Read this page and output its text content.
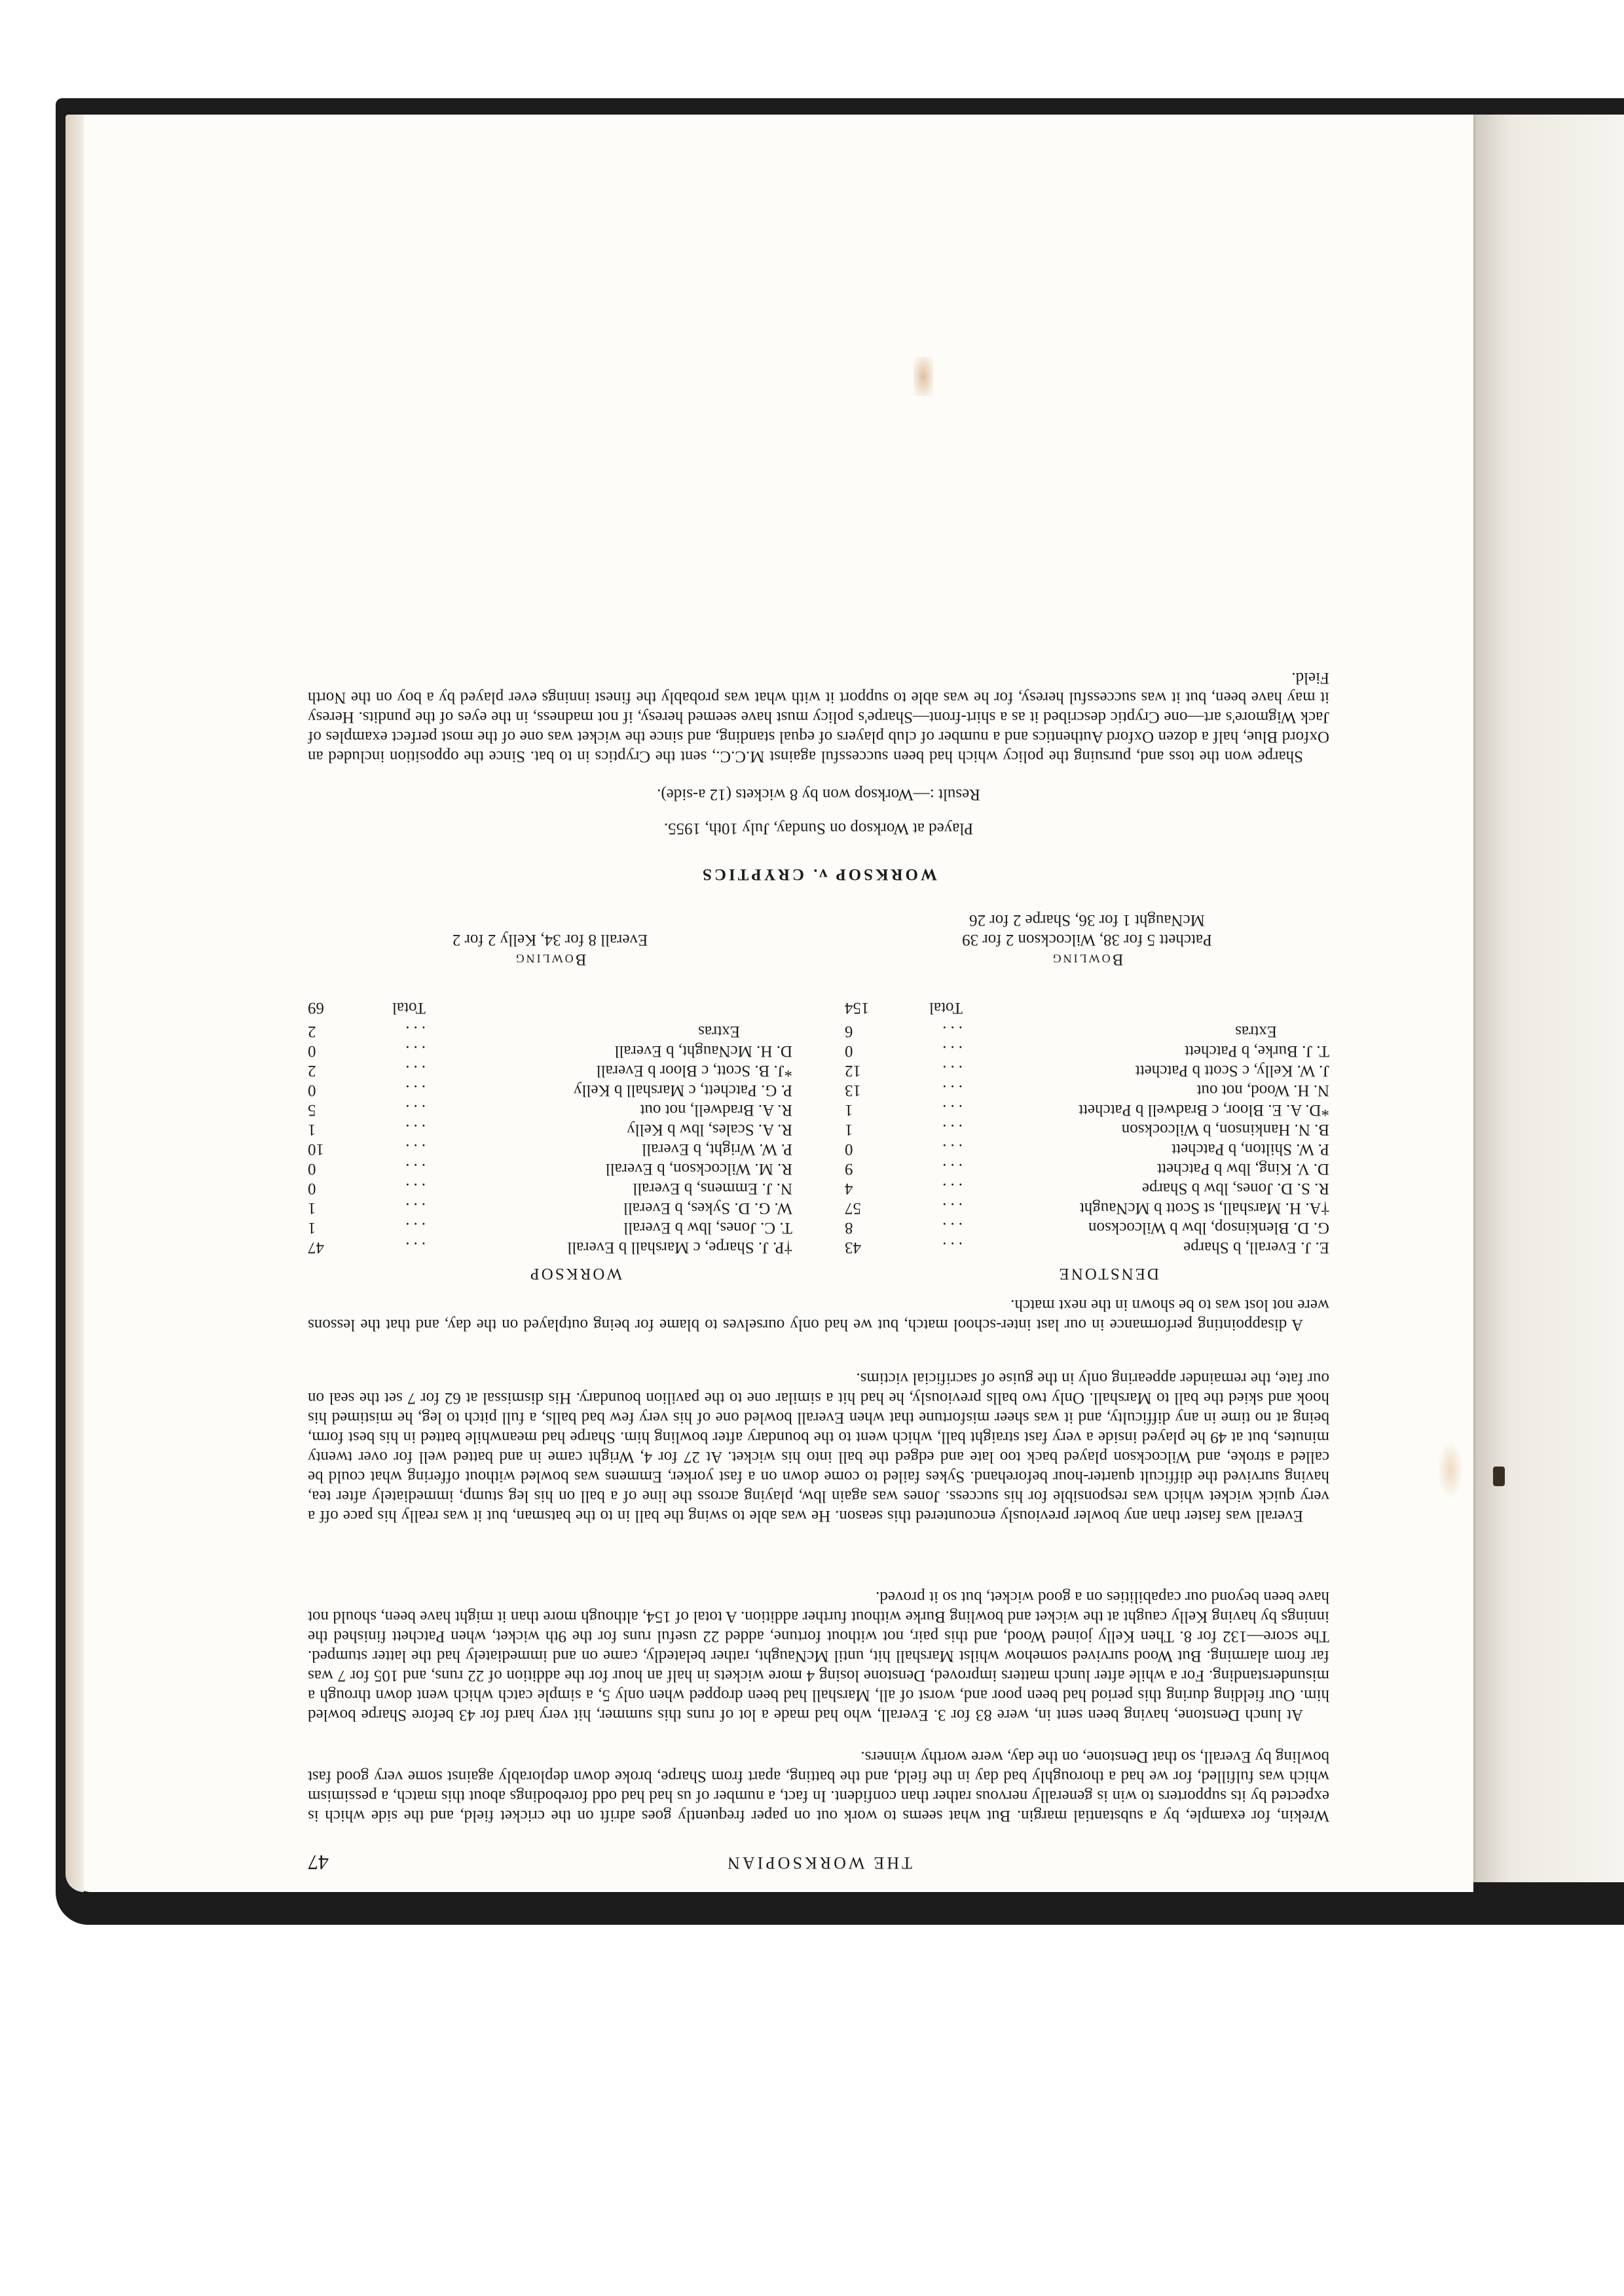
THE WORKSOPIAN
47

Wrekin, for example, by a substantial margin. But what seems to work out on paper frequently goes adrift on the cricket field, and the side which is expected by its supporters to win is generally nervous rather than confident. In fact, a number of us had had odd forebodings about this match, a pessimism which was fulfilled, for we had a thoroughly bad day in the field, and the batting, apart from Sharpe, broke down deplorably against some very good fast bowling by Everall, so that Denstone, on the day, were worthy winners.

At lunch Denstone, having been sent in, were 83 for 3. Everall, who had made a lot of runs this summer, hit very hard for 43 before Sharpe bowled him. Our fielding during this period had been poor and, worst of all, Marshall had been dropped when only 5, a simple catch which went down through a misunderstanding. For a while after lunch matters improved, Denstone losing 4 more wickets in half an hour for the addition of 22 runs, and 105 for 7 was far from alarming. But Wood survived somehow whilst Marshall hit, until McNaught, rather belatedly, came on and immediately had the latter stumped. The score—132 for 8. Then Kelly joined Wood, and this pair, not without fortune, added 22 useful runs for the 9th wicket, when Patchett finished the innings by having Kelly caught at the wicket and bowling Burke without further addition. A total of 154, although more than it might have been, should not have been beyond our capabilities on a good wicket, but so it proved.

Everall was faster than any bowler previously encountered this season. He was able to swing the ball in to the batsman, but it was really his pace off a very quick wicket which was responsible for his success. Jones was again lbw, playing across the line of a ball on his leg stump, immediately after tea, having survived the difficult quarter-hour beforehand. Sykes failed to come down on a fast yorker, Emmens was bowled without offering what could be called a stroke, and Wilcockson played back too late and edged the ball into his wicket. At 27 for 4, Wright came in and batted well for over twenty minutes, but at 49 he played inside a very fast straight ball, which went to the boundary after bowling him. Sharpe had meanwhile batted in his best form, being at no time in any difficulty, and it was sheer misfortune that when Everall bowled one of his very few bad balls, a full pitch to leg, he mistimed his hook and skied the ball to Marshall. Only two balls previously, he had hit a similar one to the pavilion boundary. His dismissal at 62 for 7 set the seal on our fate, the remainder appearing only in the guise of sacrificial victims.

A disappointing performance in our last inter-school match, but we had only ourselves to blame for being outplayed on the day, and that the lessons were not lost was to be shown in the next match.

DENSTONE
WORKSOP
E. J. Everall, b Sharpe
...
43
G. D. Blenkinsop, lbw b Wilcockson
...
8
†A. H. Marshall, st Scott b McNaught
...
57
R. S. D. Jones, lbw b Sharpe
...
4
D. V. King, lbw b Patchett
...
9
P. W. Shilton, b Patchett
...
0
B. N. Hankinson, b Wilcockson
...
1
*D. A. E. Bloor, c Bradwell b Patchett
...
1
N. H. Wood, not out
...
13
J. W. Kelly, c Scott b Patchett
...
12
T. J. Burke, b Patchett
...
0
Extras
...
6
Total
154
†P. J. Sharpe, c Marshall b Everall
...
47
T. C. Jones, lbw b Everall
...
1
W. G. D. Sykes, b Everall
...
1
N. J. Emmens, b Everall
...
0
R. M. Wilcockson, b Everall
...
0
P. W. Wright, b Everall
...
10
R. A. Scales, lbw b Kelly
...
1
R. A. Bradwell, not out
...
5
P. G. Patchett, c Marshall b Kelly
...
0
*J. B. Scott, c Bloor b Everall
...
2
D. H. McNaught, b Everall
...
0
Extras
...
2
Total
69
Bowling
Patchett 5 for 38, Wilcockson 2 for 39
McNaught 1 for 36, Sharpe 2 for 26
Bowling
Everall 8 for 34, Kelly 2 for 2
WORKSOP v. CRYPTICS
Played at Worksop on Sunday, July 10th, 1955.
Result :—Worksop won by 8 wickets (12 a-side).

Sharpe won the toss and, pursuing the policy which had been successful against M.C.C., sent the Cryptics in to bat. Since the opposition included an Oxford Blue, half a dozen Oxford Authentics and a number of club players of equal standing, and since the wicket was one of the most perfect examples of Jack Wigmore's art—one Cryptic described it as a shirt-front—Sharpe's policy must have seemed heresy, if not madness, in the eyes of the pundits. Heresy it may have been, but it was successful heresy, for he was able to support it with what was probably the finest innings ever played by a boy on the North Field.
